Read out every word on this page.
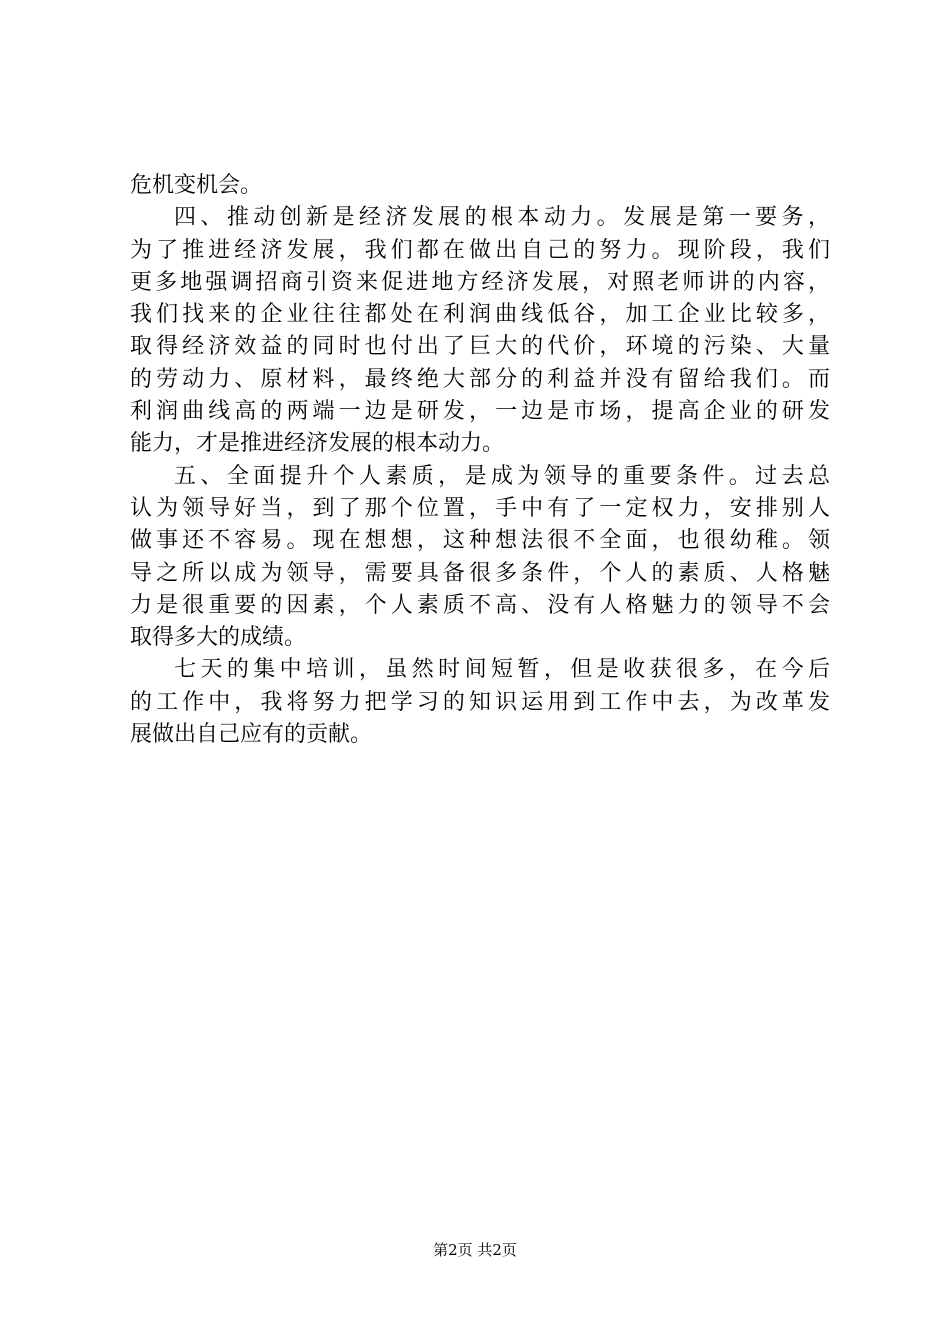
危机变机会。
四、推动创新是经济发展的根本动力。发展是第一要务，
为了推进经济发展，我们都在做出自己的努力。现阶段，我们
更多地强调招商引资来促进地方经济发展，对照老师讲的内容，
我们找来的企业往往都处在利润曲线低谷，加工企业比较多，
取得经济效益的同时也付出了巨大的代价，环境的污染、大量
的劳动力、原材料，最终绝大部分的利益并没有留给我们。而
利润曲线高的两端一边是研发，一边是市场，提高企业的研发
能力，才是推进经济发展的根本动力。
五、全面提升个人素质，是成为领导的重要条件。过去总
认为领导好当，到了那个位置，手中有了一定权力，安排别人
做事还不容易。现在想想，这种想法很不全面，也很幼稚。领
导之所以成为领导，需要具备很多条件，个人的素质、人格魅
力是很重要的因素，个人素质不高、没有人格魅力的领导不会
取得多大的成绩。
七天的集中培训，虽然时间短暂，但是收获很多，在今后
的工作中，我将努力把学习的知识运用到工作中去，为改革发
展做出自己应有的贡献。
第2页 共2页
